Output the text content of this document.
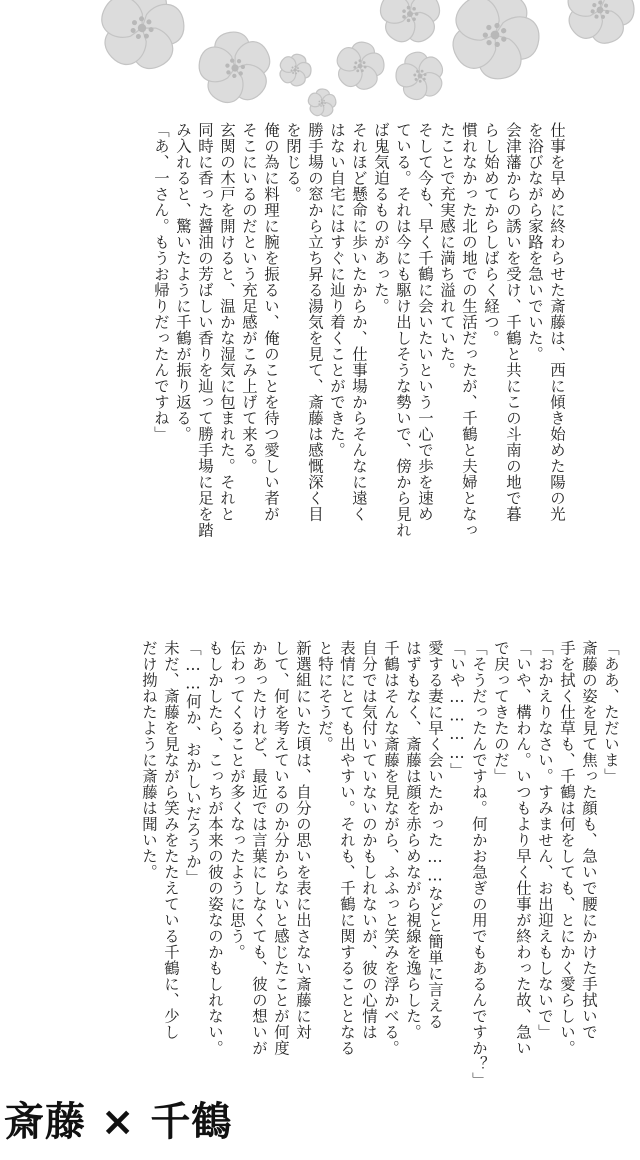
仕事を早めに終わらせた斎藤は、西に傾き始めた陽の光

を浴びながら家路を急いでいた。

会津藩からの誘いを受け、千鶴と共にこの斗南の地で暮

らし始めてからしばらく経つ。

慣れなかった北の地での生活だったが、千鶴と夫婦となっ

たことで充実感に満ち溢れていた。

そして今も、早く千鶴に会いたいという一心で歩を速め

ている。それは今にも駆け出しそうな勢いで、傍から見れ

ば鬼気迫るものがあった。

それほど懸命に歩いたからか、仕事場からそんなに遠く

はない自宅にはすぐに辿り着くことができた。

勝手場の窓から立ち昇る湯気を見て、斎藤は感慨深く目

を閉じる。

俺の為に料理に腕を振るい、俺のことを待つ愛しい者が

そこにいるのだという充足感がこみ上げて来る。

玄関の木戸を開けると、温かな湿気に包まれた。それと

同時に香った醤油の芳ばしい香りを辿って勝手場に足を踏

み入れると、驚いたように千鶴が振り返る。

「あ、一さん。もうお帰りだったんですね」

「ああ、ただいま」

斎藤の姿を見て焦った顔も、急いで腰にかけた手拭いで

手を拭く仕草も、千鶴は何をしても、とにかく愛らしい。

「おかえりなさい。すみません、お出迎えもしないで」

「いや、構わん。いつもより早く仕事が終わった故、急い

で戻ってきたのだ」

「そうだったんですね。何かお急ぎの用でもあるんですか？」

「いや…………」

愛する妻に早く会いたかった……などと簡単に言える

はずもなく、斎藤は顔を赤らめながら視線を逸らした。

千鶴はそんな斎藤を見ながら、ふふっと笑みを浮かべる。

自分では気付いていないのかもしれないが、彼の心情は

表情にとても出やすい。それも、千鶴に関することとなる

と特にそうだ。

新選組にいた頃は、自分の思いを表に出さない斎藤に対

して、何を考えているのか分からないと感じたことが何度

かあったけれど、最近では言葉にしなくても、彼の想いが

伝わってくることが多くなったように思う。

もしかしたら、こっちが本来の彼の姿なのかもしれない。

「……何か、おかしいだろうか」

未だ、斎藤を見ながら笑みをたたえている千鶴に、少し

だけ拗ねたように斎藤は聞いた。

斎藤 × 千鶴
